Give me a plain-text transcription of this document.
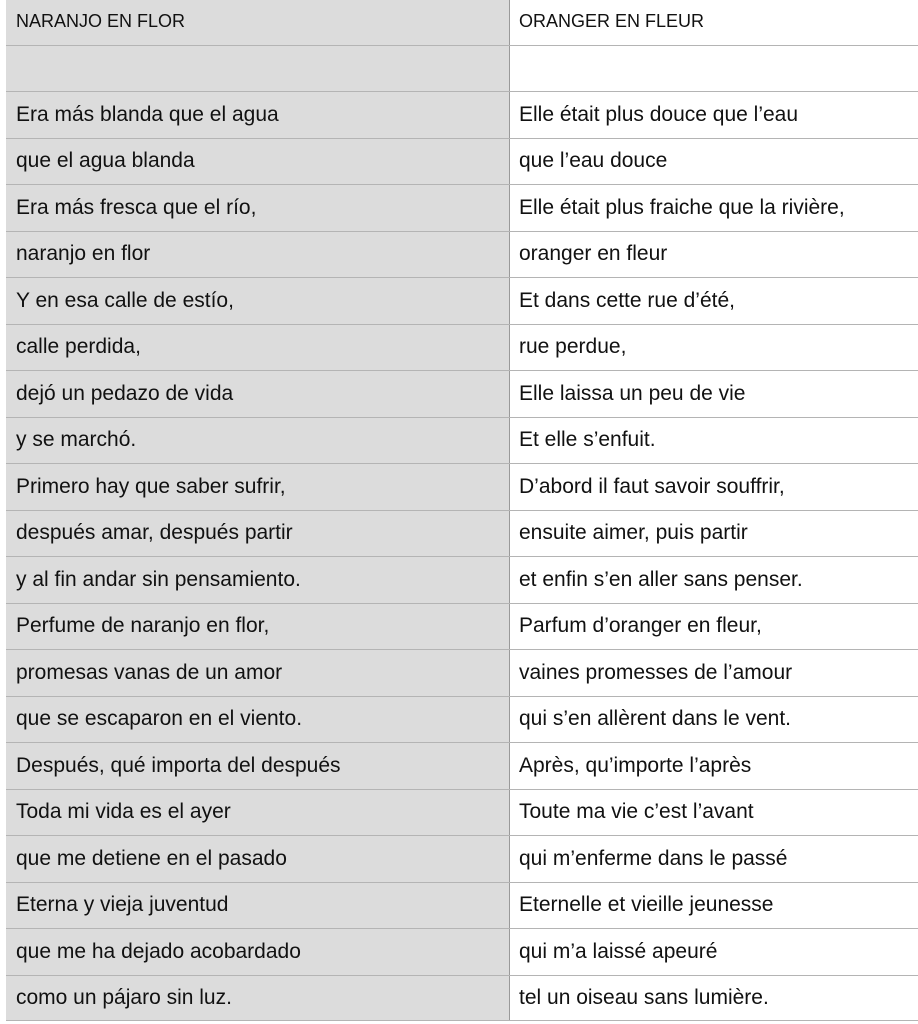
NARANJO EN FLOR	ORANGER EN FLEUR
Era más blanda que el agua	Elle était plus douce que l’eau
que el agua blanda	que l’eau douce
Era más fresca que el río,	Elle était plus fraiche que la rivière,
naranjo en flor	oranger en fleur
Y en esa calle de estío,	Et dans cette rue d’été,
calle perdida,	rue perdue,
dejó un pedazo de vida	Elle laissa un peu de vie
y se marchó.	Et elle s’enfuit.
Primero hay que saber sufrir,	D’abord il faut savoir souffrir,
después amar, después partir	ensuite aimer, puis partir
y al fin andar sin pensamiento.	et enfin s’en aller sans penser.
Perfume de naranjo en flor,	Parfum d’oranger en fleur,
promesas vanas de un amor	vaines promesses de l’amour
que se escaparon en el viento.	qui s’en allèrent dans le vent.
Después, qué importa del después	Après, qu’importe l’après
Toda mi vida es el ayer	Toute ma vie c’est l’avant
que me detiene en el pasado	qui m’enferme dans le passé
Eterna y vieja juventud	Eternelle et vieille jeunesse
que me ha dejado acobardado	qui m’a laissé apeuré
como un pájaro sin luz.	tel un oiseau sans lumière.
